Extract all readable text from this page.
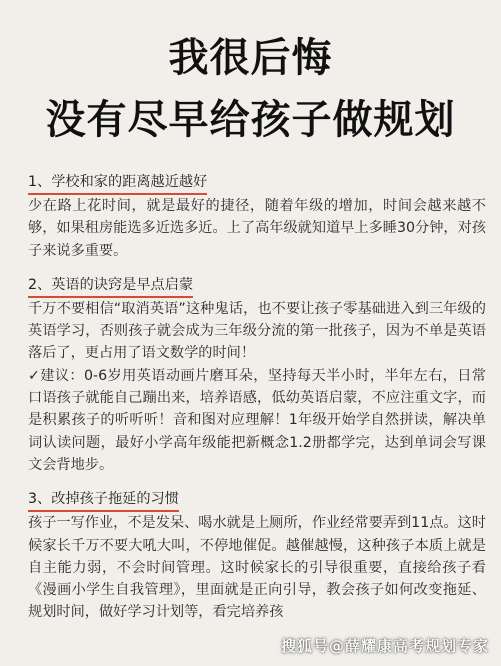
我很后悔
没有尽早给孩子做规划
1、学校和家的距离越近越好

少在路上花时间，就是最好的捷径，随着年级的增加，时间会越来越不够，如果租房能选多近选多近。上了高年级就知道早上多睡30分钟，对孩子来说多重要。

2、英语的诀窍是早点启蒙

千万不要相信“取消英语”这种鬼话，也不要让孩子零基础进入到三年级的英语学习，否则孩子就会成为三年级分流的第一批孩子，因为不单是英语落后了，更占用了语文数学的时间！

✓建议：0-6岁用英语动画片磨耳朵，坚持每天半小时，半年左右，日常口语孩子就能自己蹦出来，培养语感，低幼英语启蒙，不应注重文字，而是积累孩子的听听听！音和图对应理解！1年级开始学自然拼读，解决单词认读问题，最好小学高年级能把新概念1.2册都学完，达到单词会写课文会背地步。

3、改掉孩子拖延的习惯

孩子一写作业，不是发呆、喝水就是上厕所，作业经常要弄到11点。这时候家长千万不要大吼大叫，不停地催促。越催越慢，这种孩子本质上就是自主能力弱，不会时间管理。这时候家长的引导很重要，直接给孩子看《漫画小学生自我管理》，里面就是正向引导，教会孩子如何改变拖延、规划时间，做好学习计划等，看完培养孩

搜狐号@薛耀康高考规划专家
